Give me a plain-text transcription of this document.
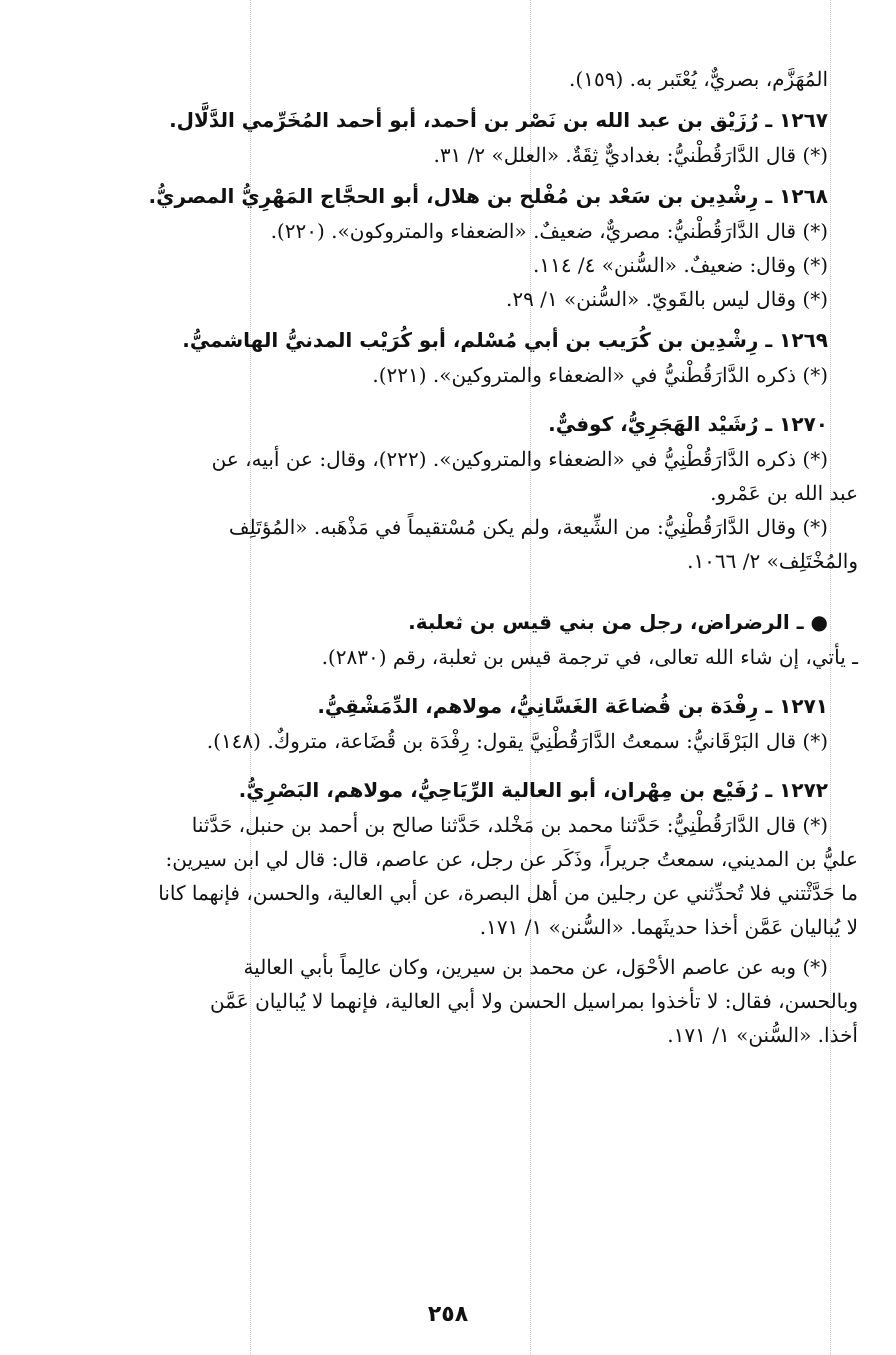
المُهَزَّم، بصريٌّ، يُعْتَبر به. (١٥٩).

١٢٦٧ ـ رُزَيْق بن عبد الله بن نَصْر بن أحمد، أبو أحمد المُخَرِّمي الدَّلَّال.

(*) قال الدَّارَقُطْنيُّ: بغداديٌّ ثِقَةٌ. «العلل» ٢/ ٣١.

١٢٦٨ ـ رِشْدِين بن سَعْد بن مُفْلح بن هلال، أبو الحجَّاج المَهْرِيُّ المصريُّ.

(*) قال الدَّارَقُطْنيُّ: مصريٌّ، ضعيفٌ. «الضعفاء والمتروكون». (٢٢٠).

(*) وقال: ضعيفٌ. «السُّنن» ٤/ ١١٤.

(*) وقال ليس بالقَويّ. «السُّنن» ١/ ٢٩.

١٢٦٩ ـ رِشْدِين بن كُرَيب بن أبي مُسْلم، أبو كُرَيْب المدنيُّ الهاشميُّ.

(*) ذكره الدَّارَقُطْنيُّ في «الضعفاء والمتروكين». (٢٢١).

١٢٧٠ ـ رُشَيْد الهَجَرِيُّ، كوفيٌّ.

(*) ذكره الدَّارَقُطْنِيُّ في «الضعفاء والمتروكين». (٢٢٢)، وقال: عن أبيه، عن

عبد الله بن عَمْرو.

(*) وقال الدَّارَقُطْنِيُّ: من الشِّيعة، ولم يكن مُسْتقيماً في مَذْهَبه. «المُؤتَلِف

والمُخْتَلِف» ٢/ ١٠٦٦.

● ـ الرضراض، رجل من بني قيس بن ثعلبة.

ـ يأتي، إن شاء الله تعالى، في ترجمة قيس بن ثعلبة، رقم (٢٨٣٠).

١٢٧١ ـ رِفْدَة بن قُضاعَة الغَسَّانِيُّ، مولاهم، الدِّمَشْقِيُّ.

(*) قال البَرْقَانيُّ: سمعتُ الدَّارَقُطْنِيَّ يقول: رِفْدَة بن قُضَاعة، متروكٌ. (١٤٨).

١٢٧٢ ـ رُفَيْع بن مِهْران، أبو العالية الرِّيَاحِيُّ، مولاهم، البَصْرِيُّ.

(*) قال الدَّارَقُطْنِيُّ: حَدَّثنا محمد بن مَخْلد، حَدَّثنا صالح بن أحمد بن حنبل، حَدَّثنا

عليُّ بن المديني، سمعتُ جريراً، وذَكَر عن رجل، عن عاصم، قال: قال لي ابن سيرين:

ما حَدَّثْتني فلا تُحدِّثني عن رجلين من أهل البصرة، عن أبي العالية، والحسن، فإنهما كانا

لا يُباليان عَمَّن أخذا حديثَهما. «السُّنن» ١/ ١٧١.

(*) وبه عن عاصم الأحْوَل، عن محمد بن سيرين، وكان عالِماً بأبي العالية

وبالحسن، فقال: لا تأخذوا بمراسيل الحسن ولا أبي العالية، فإنهما لا يُباليان عَمَّن

أخذا. «السُّنن» ١/ ١٧١.

٢٥٨
